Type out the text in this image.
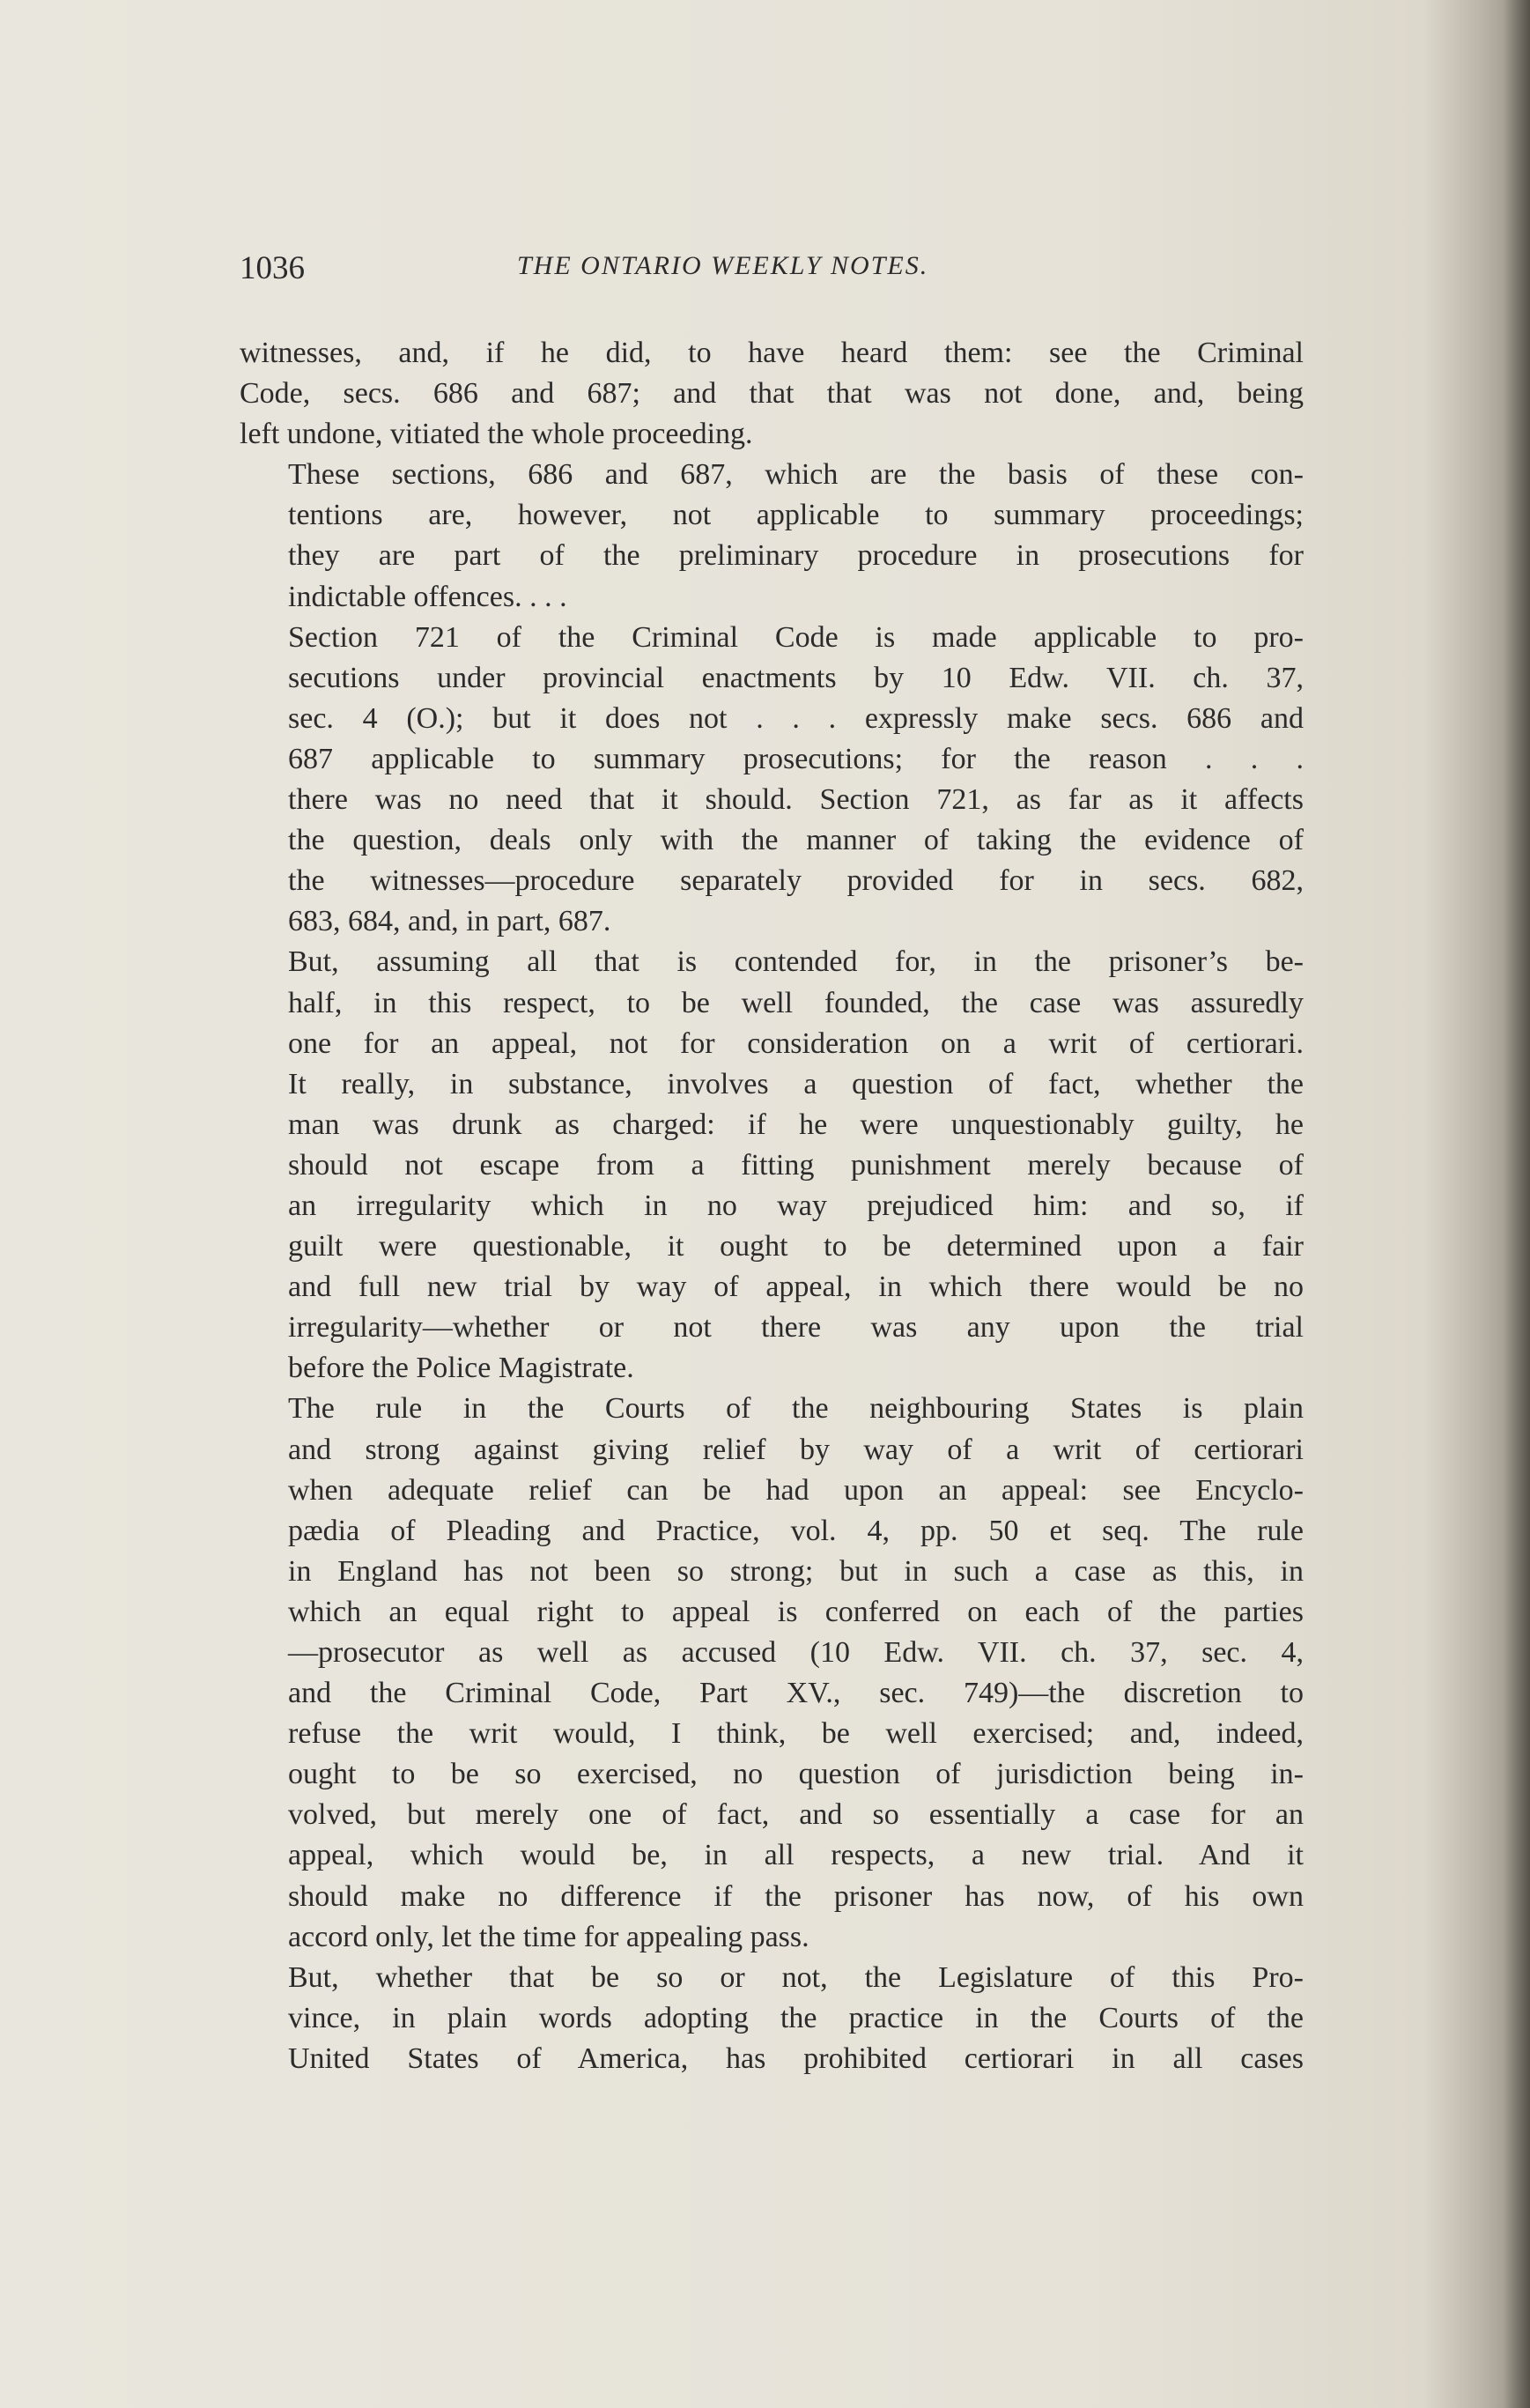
1036	THE ONTARIO WEEKLY NOTES.

witnesses, and, if he did, to have heard them: see the Criminal
Code, secs. 686 and 687; and that that was not done, and, being
left undone, vitiated the whole proceeding.

These sections, 686 and 687, which are the basis of these con-
tentions are, however, not applicable to summary proceedings;
they are part of the preliminary procedure in prosecutions for
indictable offences. . . .

Section 721 of the Criminal Code is made applicable to pro-
secutions under provincial enactments by 10 Edw. VII. ch. 37,
sec. 4 (O.); but it does not . . . expressly make secs. 686 and
687 applicable to summary prosecutions; for the reason . . .
there was no need that it should. Section 721, as far as it affects
the question, deals only with the manner of taking the evidence of
the witnesses—procedure separately provided for in secs. 682,
683, 684, and, in part, 687.

But, assuming all that is contended for, in the prisoner’s be-
half, in this respect, to be well founded, the case was assuredly
one for an appeal, not for consideration on a writ of certiorari.
It really, in substance, involves a question of fact, whether the
man was drunk as charged: if he were unquestionably guilty, he
should not escape from a fitting punishment merely because of
an irregularity which in no way prejudiced him: and so, if
guilt were questionable, it ought to be determined upon a fair
and full new trial by way of appeal, in which there would be no
irregularity—whether or not there was any upon the trial
before the Police Magistrate.

The rule in the Courts of the neighbouring States is plain
and strong against giving relief by way of a writ of certiorari
when adequate relief can be had upon an appeal: see Encyclo-
pædia of Pleading and Practice, vol. 4, pp. 50 et seq. The rule
in England has not been so strong; but in such a case as this, in
which an equal right to appeal is conferred on each of the parties
—prosecutor as well as accused (10 Edw. VII. ch. 37, sec. 4,
and the Criminal Code, Part XV., sec. 749)—the discretion to
refuse the writ would, I think, be well exercised; and, indeed,
ought to be so exercised, no question of jurisdiction being in-
volved, but merely one of fact, and so essentially a case for an
appeal, which would be, in all respects, a new trial. And it
should make no difference if the prisoner has now, of his own
accord only, let the time for appealing pass.

But, whether that be so or not, the Legislature of this Pro-
vince, in plain words adopting the practice in the Courts of the
United States of America, has prohibited certiorari in all cases
